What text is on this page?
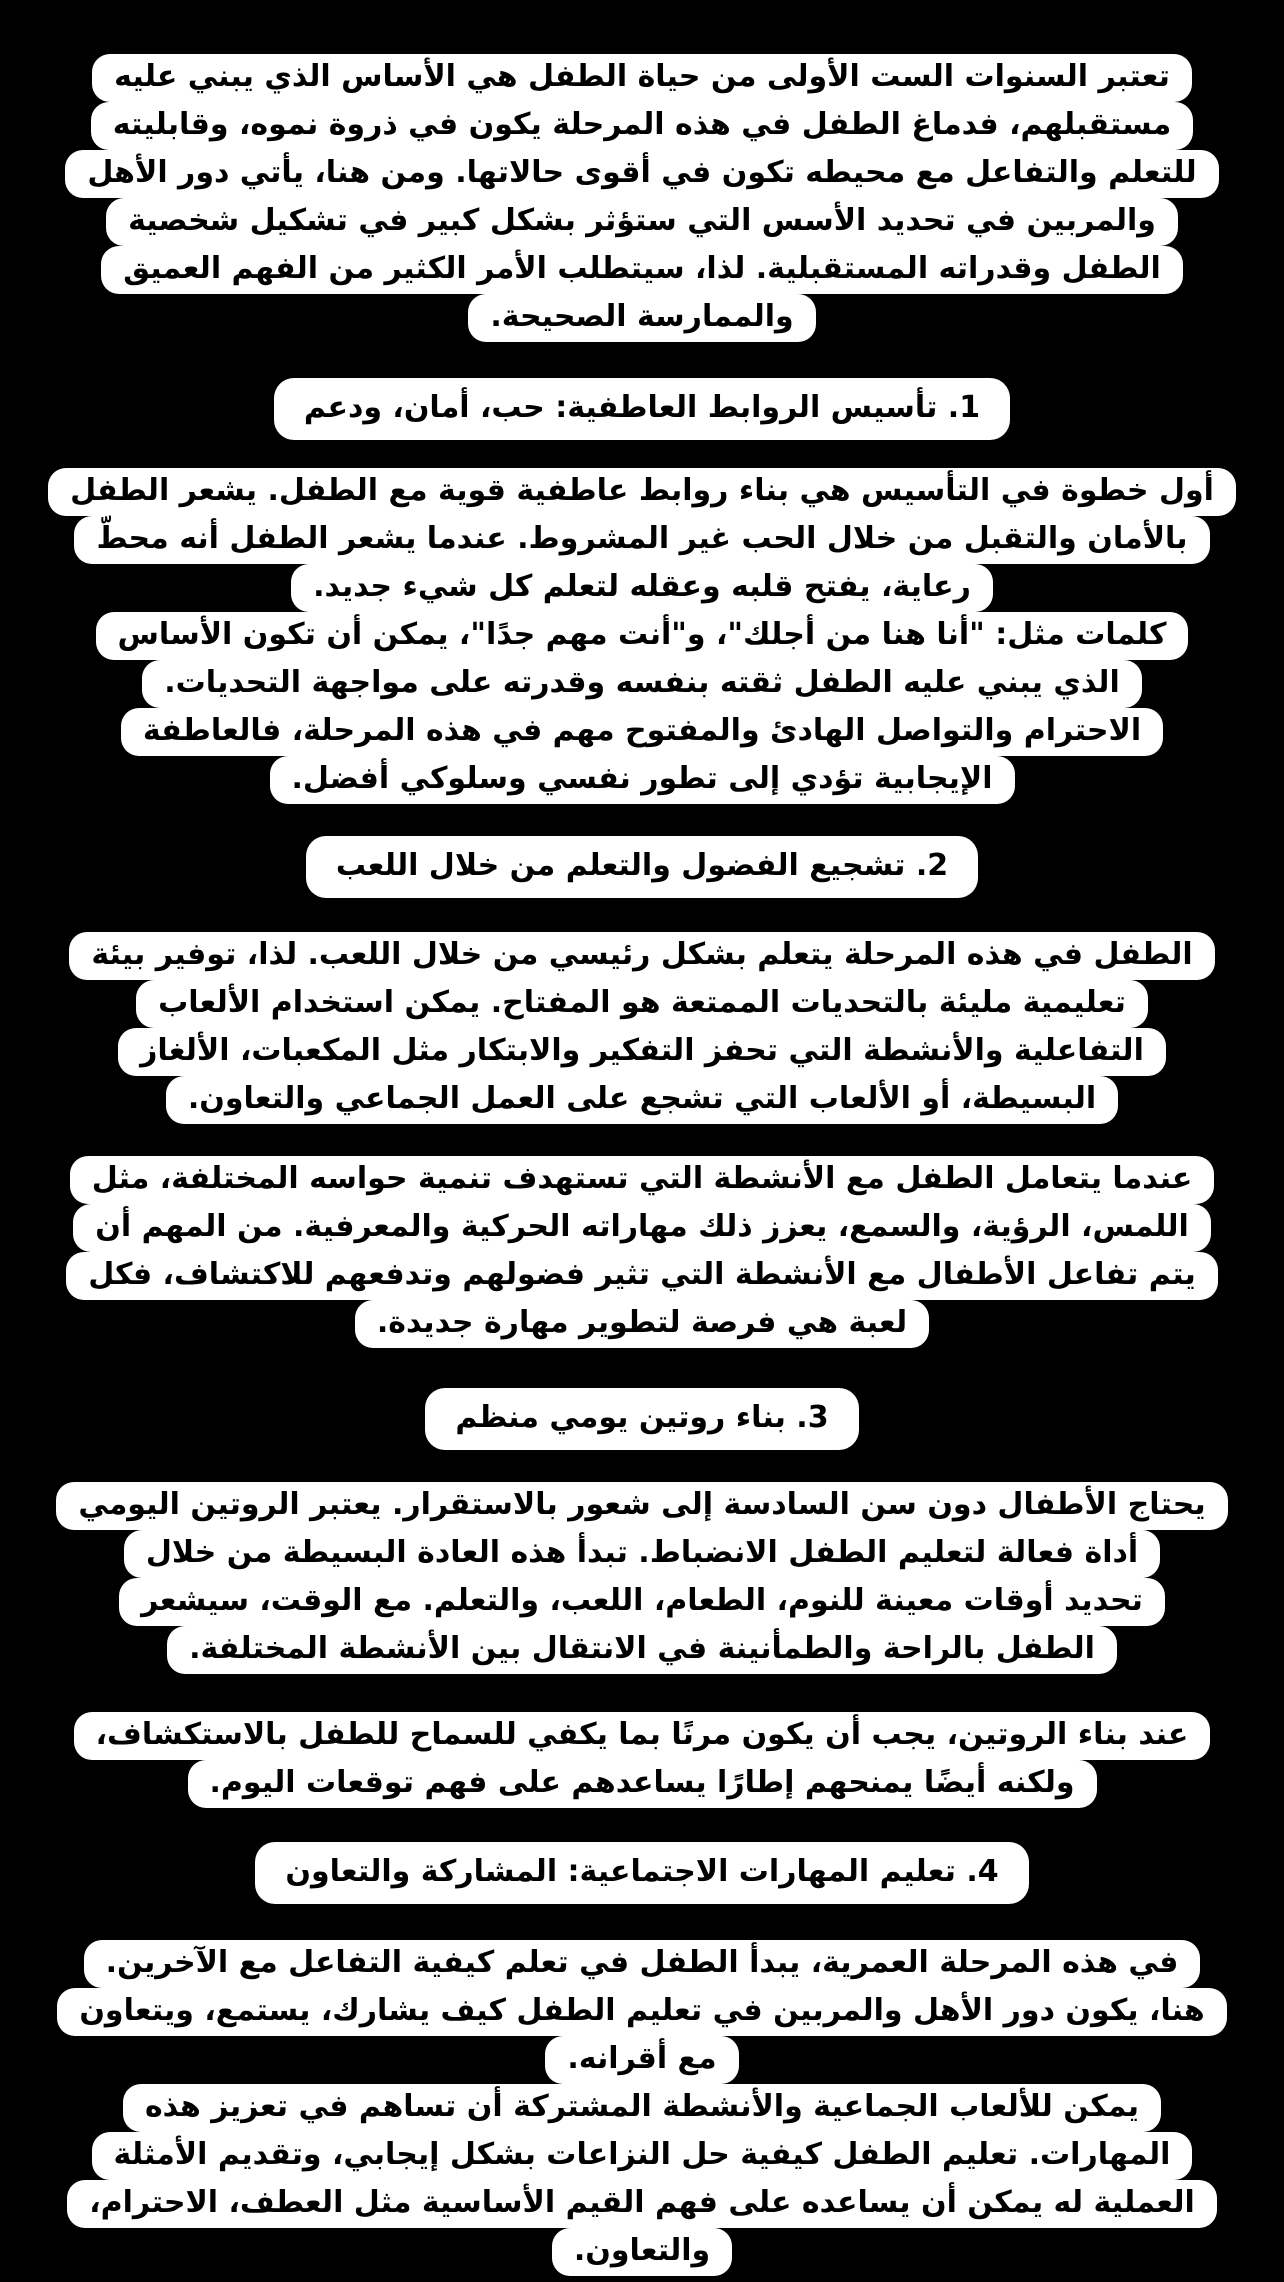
تعتبر السنوات الست الأولى من حياة الطفل هي الأساس الذي يبني عليه
مستقبلهم، فدماغ الطفل في هذه المرحلة يكون في ذروة نموه، وقابليته
للتعلم والتفاعل مع محيطه تكون في أقوى حالاتها. ومن هنا، يأتي دور الأهل
والمربين في تحديد الأسس التي ستؤثر بشكل كبير في تشكيل شخصية
الطفل وقدراته المستقبلية. لذا، سيتطلب الأمر الكثير من الفهم العميق
والممارسة الصحيحة.
1. تأسيس الروابط العاطفية: حب، أمان، ودعم
أول خطوة في التأسيس هي بناء روابط عاطفية قوية مع الطفل. يشعر الطفل
بالأمان والتقبل من خلال الحب غير المشروط. عندما يشعر الطفل أنه محطّ
رعاية، يفتح قلبه وعقله لتعلم كل شيء جديد.
كلمات مثل: "أنا هنا من أجلك"، و"أنت مهم جدًا"، يمكن أن تكون الأساس
الذي يبني عليه الطفل ثقته بنفسه وقدرته على مواجهة التحديات.
الاحترام والتواصل الهادئ والمفتوح مهم في هذه المرحلة، فالعاطفة
الإيجابية تؤدي إلى تطور نفسي وسلوكي أفضل.
2. تشجيع الفضول والتعلم من خلال اللعب
الطفل في هذه المرحلة يتعلم بشكل رئيسي من خلال اللعب. لذا، توفير بيئة
تعليمية مليئة بالتحديات الممتعة هو المفتاح. يمكن استخدام الألعاب
التفاعلية والأنشطة التي تحفز التفكير والابتكار مثل المكعبات، الألغاز
البسيطة، أو الألعاب التي تشجع على العمل الجماعي والتعاون.
عندما يتعامل الطفل مع الأنشطة التي تستهدف تنمية حواسه المختلفة، مثل
اللمس، الرؤية، والسمع، يعزز ذلك مهاراته الحركية والمعرفية. من المهم أن
يتم تفاعل الأطفال مع الأنشطة التي تثير فضولهم وتدفعهم للاكتشاف، فكل
لعبة هي فرصة لتطوير مهارة جديدة.
3. بناء روتين يومي منظم
يحتاج الأطفال دون سن السادسة إلى شعور بالاستقرار. يعتبر الروتين اليومي
أداة فعالة لتعليم الطفل الانضباط. تبدأ هذه العادة البسيطة من خلال
تحديد أوقات معينة للنوم، الطعام، اللعب، والتعلم. مع الوقت، سيشعر
الطفل بالراحة والطمأنينة في الانتقال بين الأنشطة المختلفة.
عند بناء الروتين، يجب أن يكون مرنًا بما يكفي للسماح للطفل بالاستكشاف،
ولكنه أيضًا يمنحهم إطارًا يساعدهم على فهم توقعات اليوم.
4. تعليم المهارات الاجتماعية: المشاركة والتعاون
في هذه المرحلة العمرية، يبدأ الطفل في تعلم كيفية التفاعل مع الآخرين.
هنا، يكون دور الأهل والمربين في تعليم الطفل كيف يشارك، يستمع، ويتعاون
مع أقرانه.
يمكن للألعاب الجماعية والأنشطة المشتركة أن تساهم في تعزيز هذه
المهارات. تعليم الطفل كيفية حل النزاعات بشكل إيجابي، وتقديم الأمثلة
العملية له يمكن أن يساعده على فهم القيم الأساسية مثل العطف، الاحترام،
والتعاون.
